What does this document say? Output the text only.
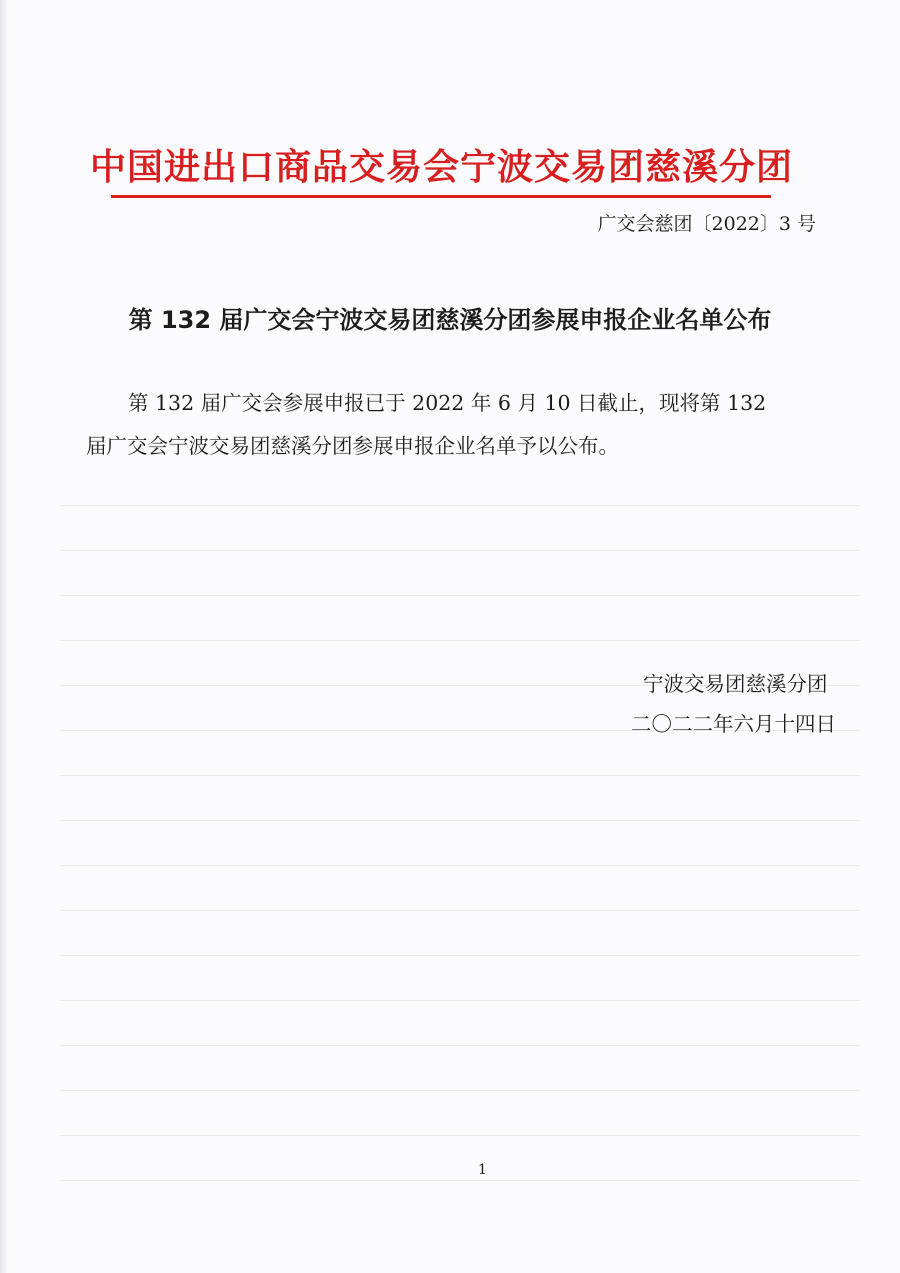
中国进出口商品交易会宁波交易团慈溪分团
广交会慈团〔2022〕3 号
第 132 届广交会宁波交易团慈溪分团参展申报企业名单公布
第 132 届广交会参展申报已于 2022 年 6 月 10 日截止，现将第 132
届广交会宁波交易团慈溪分团参展申报企业名单予以公布。
宁波交易团慈溪分团
二〇二二年六月十四日
1
